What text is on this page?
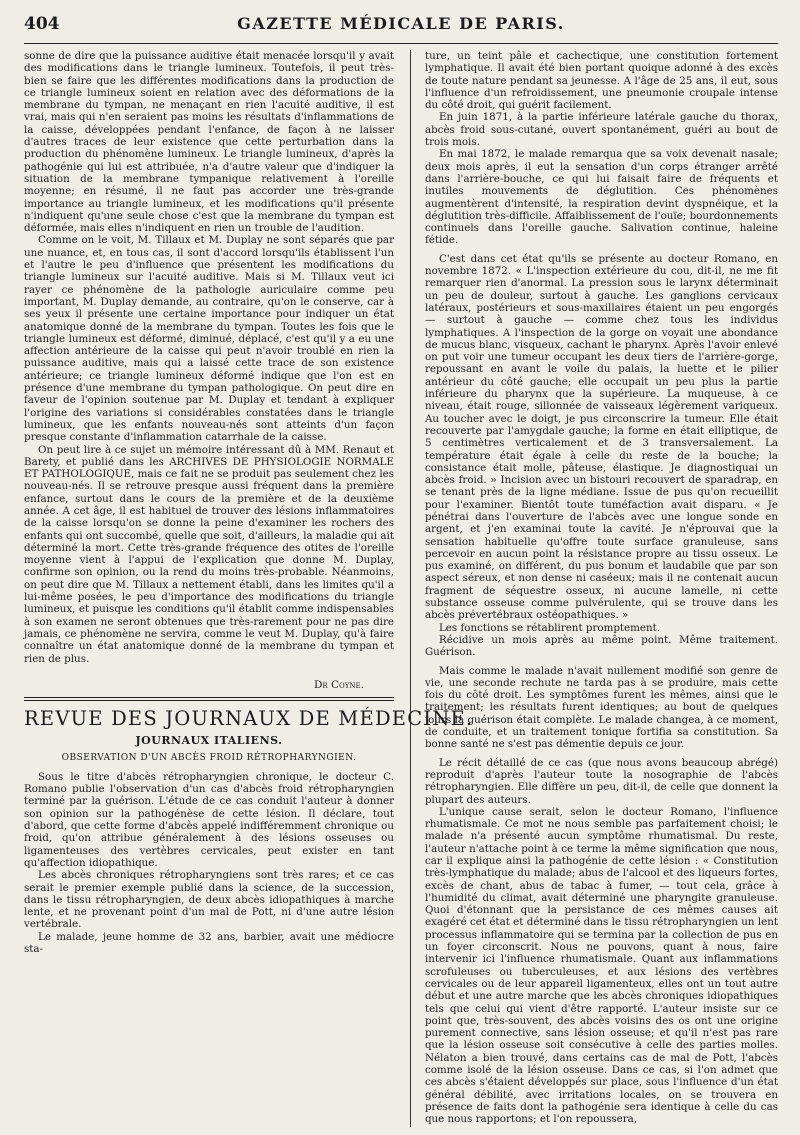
404	GAZETTE MÉDICALE DE PARIS.

sonne de dire que la puissance auditive était menacée lorsqu'il y avait des modifications dans le triangle lumineux. Toutefois, il peut très-bien se faire que les différentes modifications dans la production de ce triangle lumineux soient en relation avec des déformations de la membrane du tympan, ne menaçant en rien l'acuité auditive, il est vrai, mais qui n'en seraient pas moins les résultats d'inflammations de la caisse, développées pendant l'enfance, de façon à ne laisser d'autres traces de leur existence que cette perturbation dans la production du phénomène lumineux. Le triangle lumineux, d'après la pathogénie qui lui est attribuée, n'a d'autre valeur que d'indiquer la situation de la membrane tympanique relativement à l'oreille moyenne; en résumé, il ne faut pas accorder une très-grande importance au triangle lumineux, et les modifications qu'il présente n'indiquent qu'une seule chose c'est que la membrane du tympan est déformée, mais elles n'indiquent en rien un trouble de l'audition.

Comme on le voit, M. Tillaux et M. Duplay ne sont séparés que par une nuance, et, en tous cas, il sont d'accord lorsqu'ils établissent l'un et l'autre le peu d'influence que présentent les modifications du triangle lumineux sur l'acuité auditive. Mais si M. Tillaux veut ici rayer ce phénomène de la pathologie auriculaire comme peu important, M. Duplay demande, au contraire, qu'on le conserve, car à ses yeux il présente une certaine importance pour indiquer un état anatomique donné de la membrane du tympan. Toutes les fois que le triangle lumineux est déformé, diminué, déplacé, c'est qu'il y a eu une affection antérieure de la caisse qui peut n'avoir troublé en rien la puissance auditive, mais qui a laissé cette trace de son existence antérieure; ce triangle lumineux déformé indique que l'on est en présence d'une membrane du tympan pathologique. On peut dire en faveur de l'opinion soutenue par M. Duplay et tendant à expliquer l'origine des variations si considérables constatées dans le triangle lumineux, que les enfants nouveau-nés sont atteints d'un façon presque constante d'inflammation catarrhale de la caisse.

On peut lire à ce sujet un mémoire intéressant dû à MM. Renaut et Barety, et publié dans les ARCHIVES DE PHYSIOLOGIE NORMALE ET PATHOLOGIQUE, mais ce fait ne se produit pas seulement chez les nouveau-nés. Il se retrouve presque aussi fréquent dans la première enfance, surtout dans le cours de la première et de la deuxième année. A cet âge, il est habituel de trouver des lésions inflammatoires de la caisse lorsqu'on se donne la peine d'examiner les rochers des enfants qui ont succombé, quelle que soit, d'ailleurs, la maladie qui ait déterminé la mort. Cette très-grande fréquence des otites de l'oreille moyenne vient à l'appui de l'explication que donne M. Duplay, confirme son opinion, ou la rend du moins très-probable. Néanmoins, on peut dire que M. Tillaux a nettement établi, dans les limites qu'il a lui-même posées, le peu d'importance des modifications du triangle lumineux, et puisque les conditions qu'il établit comme indispensables à son examen ne seront obtenues que très-rarement pour ne pas dire jamais, ce phénomène ne servira, comme le veut M. Duplay, qu'à faire connaître un état anatomique donné de la membrane du tympan et rien de plus.

Dr Coyne.
REVUE DES JOURNAUX DE MÉDECINE.
JOURNAUX ITALIENS.
OBSERVATION D'UN ABCÈS FROID RÉTROPHARYNGIEN.

Sous le titre d'abcès rétropharyngien chronique, le docteur C. Romano publie l'observation d'un cas d'abcès froid rétropharyngien terminé par la guérison. L'étude de ce cas conduit l'auteur à donner son opinion sur la pathogénèse de cette lésion. Il déclare, tout d'abord, que cette forme d'abcès appelé indifféremment chronique ou froid, qu'on attribue généralement à des lésions osseuses ou ligamenteuses des vertèbres cervicales, peut exister en tant qu'affection idiopathique.

Les abcès chroniques rétropharyngiens sont très rares; et ce cas serait le premier exemple publié dans la science, de la succession, dans le tissu rétropharyngien, de deux abcès idiopathiques à marche lente, et ne provenant point d'un mal de Pott, ni d'une autre lésion vertébrale.

Le malade, jeune homme de 32 ans, barbier, avait une médiocre sta-

ture, un teint pâle et cachectique, une constitution fortement lymphatique. Il avait été bien portant quoique adonné à des excès de toute nature pendant sa jeunesse. A l'âge de 25 ans, il eut, sous l'influence d'un refroidissement, une pneumonie croupale intense du côté droit, qui guérit facilement.

En juin 1871, à la partie inférieure latérale gauche du thorax, abcès froid sous-cutané, ouvert spontanément, guéri au bout de trois mois.

En mai 1872, le malade remarqua que sa voix devenait nasale; deux mois après, il eut la sensation d'un corps étranger arrêté dans l'arrière-bouche, ce qui lui faisait faire de fréquents et inutiles mouvements de déglutition. Ces phénomènes augmentèrent d'intensité, la respiration devint dyspnéique, et la déglutition très-difficile. Affaiblissement de l'ouïe; bourdonnements continuels dans l'oreille gauche. Salivation continue, haleine fétide.

C'est dans cet état qu'ils se présente au docteur Romano, en novembre 1872. « L'inspection extérieure du cou, dit-il, ne me fit remarquer rien d'anormal. La pression sous le larynx déterminait un peu de douleur, surtout à gauche. Les ganglions cervicaux latéraux, postérieurs et sous-maxillaires étaient un peu engorgés — surtout à gauche — comme chez tous les individus lymphatiques. A l'inspection de la gorge on voyait une abondance de mucus blanc, visqueux, cachant le pharynx. Après l'avoir enlevé on put voir une tumeur occupant les deux tiers de l'arrière-gorge, repoussant en avant le voile du palais, la luette et le pilier antérieur du côté gauche; elle occupait un peu plus la partie inférieure du pharynx que la supérieure. La muqueuse, à ce niveau, était rouge, sillonnée de vaisseaux légèrement variqueux. Au toucher avec le doigt, je pus circonscrire la tumeur. Elle était recouverte par l'amygdale gauche; la forme en était elliptique, de 5 centimètres verticalement et de 3 transversalement. La température était égale à celle du reste de la bouche; la consistance était molle, pâteuse, élastique. Je diagnostiquai un abcès froid. » Incision avec un bistouri recouvert de sparadrap, en se tenant près de la ligne médiane. Issue de pus qu'on recueillit pour l'examiner. Bientôt toute tuméfaction avait disparu. « Je pénétrai dans l'ouverture de l'abcès avec une longue sonde en argent, et j'en examinai toute la cavité. Je n'éprouvai que la sensation habituelle qu'offre toute surface granuleuse, sans percevoir en aucun point la résistance propre au tissu osseux. Le pus examiné, on différent, du pus bonum et laudabile que par son aspect séreux, et non dense ni caséeux; mais il ne contenait aucun fragment de séquestre osseux, ni aucune lamelle, ni cette substance osseuse comme pulvérulente, qui se trouve dans les abcès prévertébraux ostéopathiques. »

Les fonctions se rétablirent promptement.

Récidive un mois après au même point. Même traitement. Guérison.

Mais comme le malade n'avait nullement modifié son genre de vie, une seconde rechute ne tarda pas à se produire, mais cette fois du côté droit. Les symptômes furent les mêmes, ainsi que le traitement; les résultats furent identiques; au bout de quelques jours la guérison était complète. Le malade changea, à ce moment, de conduite, et un traitement tonique fortifia sa constitution. Sa bonne santé ne s'est pas démentie depuis ce jour.

Le récit détaillé de ce cas (que nous avons beaucoup abrégé) reproduit d'après l'auteur toute la nosographie de l'abcès rétropharyngien. Elle diffère un peu, dit-il, de celle que donnent la plupart des auteurs.

L'unique cause serait, selon le docteur Romano, l'influence rhumatismale. Ce mot ne nous semble pas parfaitement choisi; le malade n'a présenté aucun symptôme rhumatismal. Du reste, l'auteur n'attache point à ce terme la même signification que nous, car il explique ainsi la pathogénie de cette lésion : « Constitution très-lymphatique du malade; abus de l'alcool et des liqueurs fortes, excès de chant, abus de tabac à fumer, — tout cela, grâce à l'humidité du climat, avait déterminé une pharyngite granuleuse. Quoi d'étonnant que la persistance de ces mêmes causes ait exagéré cet état et déterminé dans le tissu rétropharyngien un lent processus inflammatoire qui se termina par la collection de pus en un foyer circonscrit. Nous ne pouvons, quant à nous, faire intervenir ici l'influence rhumatismale. Quant aux inflammations scrofuleuses ou tuberculeuses, et aux lésions des vertèbres cervicales ou de leur appareil ligamenteux, elles ont un tout autre début et une autre marche que les abcès chroniques idiopathiques tels que celui qui vient d'être rapporté. L'auteur insiste sur ce point que, très-souvent, des abcès voisins des os ont une origine purement connective, sans lésion osseuse; et qu'il n'est pas rare que la lésion osseuse soit consécutive à celle des parties molles. Nélaton a bien trouvé, dans certains cas de mal de Pott, l'abcès comme isolé de la lésion osseuse. Dans ce cas, si l'on admet que ces abcès s'étaient développés sur place, sous l'influence d'un état général débilité, avec irritations locales, on se trouvera en présence de faits dont la pathogénie sera identique à celle du cas que nous rapportons; et l'on repoussera,
